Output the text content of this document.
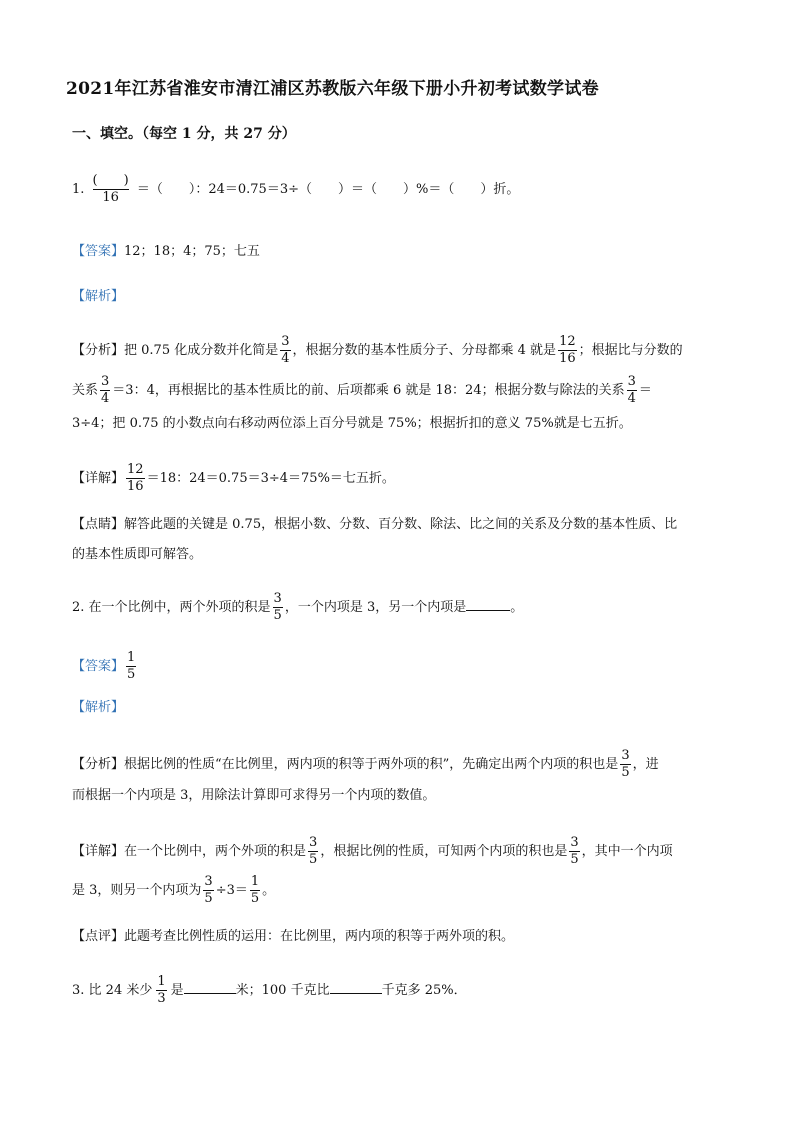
2021年江苏省淮安市清江浦区苏教版六年级下册小升初考试数学试卷
一、填空。（每空 1 分，共 27 分）
1. $\frac{( )}{16}$ ＝（　　）：24＝0.75＝3÷（　　）＝（　　）%＝（　　）折。
【答案】12；18；4；75；七五
【解析】
【分析】把 0.75 化成分数并化简是 $\frac{3}{4}$ ，根据分数的基本性质分子、分母都乘 4 就是 $\frac{12}{16}$ ；根据比与分数的
关系 $\frac{3}{4} =3$：4，再根据比的基本性质比的前、后项都乘 6 就是 18：24；根据分数与除法的关系 $\frac{3}{4}$ ＝
3÷4；把 0.75 的小数点向右移动两位添上百分号就是 75%；根据折扣的意义 75%就是七五折。
【详解】 $\frac{12}{16} =18$：24＝0.75＝3÷4＝75%＝七五折。
【点睛】解答此题的关键是 0.75，根据小数、分数、百分数、除法、比之间的关系及分数的基本性质、比
的基本性质即可解答。
2. 在一个比例中，两个外项的积是 $\frac{3}{5}$ ，一个内项是 3，另一个内项是	。
【答案】 $\frac{1}{5}$
【解析】
【分析】根据比例的性质“在比例里，两内项的积等于两外项的积”，先确定出两个内项的积也是 $\frac{3}{5}$ ，进
而根据一个内项是 3，用除法计算即可求得另一个内项的数值。
【详解】在一个比例中，两个外项的积是 $\frac{3}{5}$ ，根据比例的性质，可知两个内项的积也是 $\frac{3}{5}$ ，其中一个内项
是 3，则另一个内项为 $\frac{3}{5} \div 3= \frac{1}{5}$ 。
【点评】此题考查比例性质的运用：在比例里，两内项的积等于两外项的积。
3. 比 24 米少 $\frac{1}{3}$ 是	米；100 千克比	千克多 25%．
